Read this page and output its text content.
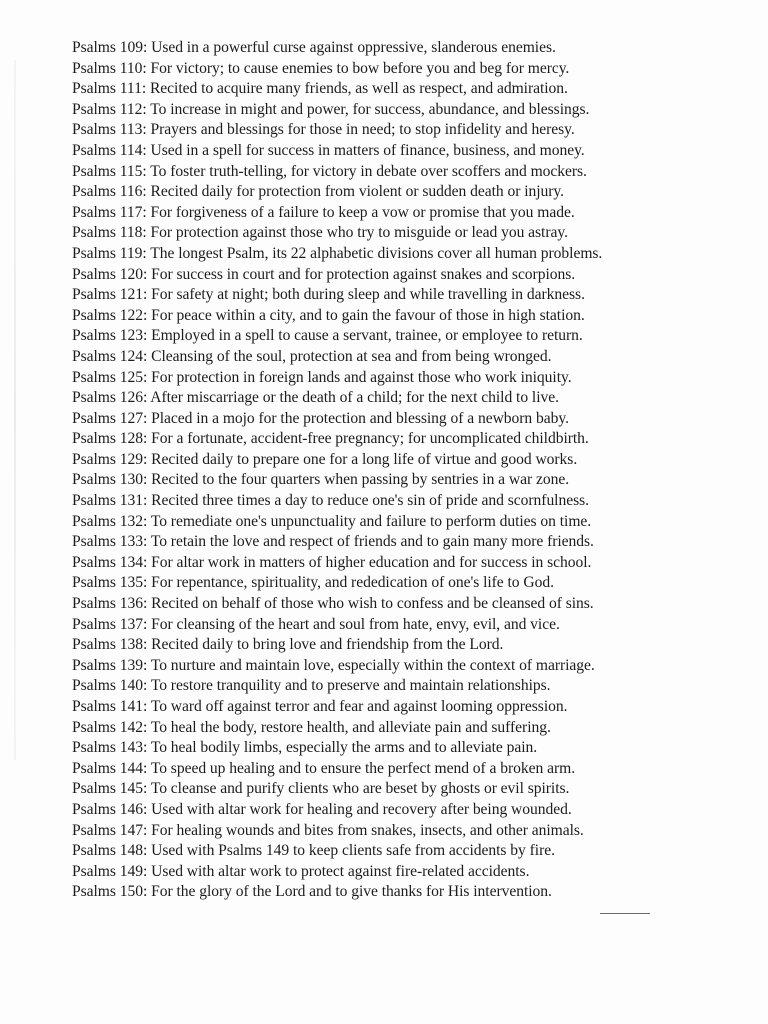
Psalms 109: Used in a powerful curse against oppressive, slanderous enemies.
Psalms 110: For victory; to cause enemies to bow before you and beg for mercy.
Psalms 111: Recited to acquire many friends, as well as respect, and admiration.
Psalms 112: To increase in might and power, for success, abundance, and blessings.
Psalms 113: Prayers and blessings for those in need; to stop infidelity and heresy.
Psalms 114: Used in a spell for success in matters of finance, business, and money.
Psalms 115: To foster truth-telling, for victory in debate over scoffers and mockers.
Psalms 116: Recited daily for protection from violent or sudden death or injury.
Psalms 117: For forgiveness of a failure to keep a vow or promise that you made.
Psalms 118: For protection against those who try to misguide or lead you astray.
Psalms 119: The longest Psalm, its 22 alphabetic divisions cover all human problems.
Psalms 120: For success in court and for protection against snakes and scorpions.
Psalms 121: For safety at night; both during sleep and while travelling in darkness.
Psalms 122: For peace within a city, and to gain the favour of those in high station.
Psalms 123: Employed in a spell to cause a servant, trainee, or employee to return.
Psalms 124: Cleansing of the soul, protection at sea and from being wronged.
Psalms 125: For protection in foreign lands and against those who work iniquity.
Psalms 126: After miscarriage or the death of a child; for the next child to live.
Psalms 127: Placed in a mojo for the protection and blessing of a newborn baby.
Psalms 128: For a fortunate, accident-free pregnancy; for uncomplicated childbirth.
Psalms 129: Recited daily to prepare one for a long life of virtue and good works.
Psalms 130: Recited to the four quarters when passing by sentries in a war zone.
Psalms 131: Recited three times a day to reduce one's sin of pride and scornfulness.
Psalms 132: To remediate one's unpunctuality and failure to perform duties on time.
Psalms 133: To retain the love and respect of friends and to gain many more friends.
Psalms 134: For altar work in matters of higher education and for success in school.
Psalms 135: For repentance, spirituality, and rededication of one's life to God.
Psalms 136: Recited on behalf of those who wish to confess and be cleansed of sins.
Psalms 137: For cleansing of the heart and soul from hate, envy, evil, and vice.
Psalms 138: Recited daily to bring love and friendship from the Lord.
Psalms 139: To nurture and maintain love, especially within the context of marriage.
Psalms 140: To restore tranquility and to preserve and maintain relationships.
Psalms 141: To ward off against terror and fear and against looming oppression.
Psalms 142: To heal the body, restore health, and alleviate pain and suffering.
Psalms 143: To heal bodily limbs, especially the arms and to alleviate pain.
Psalms 144: To speed up healing and to ensure the perfect mend of a broken arm.
Psalms 145: To cleanse and purify clients who are beset by ghosts or evil spirits.
Psalms 146: Used with altar work for healing and recovery after being wounded.
Psalms 147: For healing wounds and bites from snakes, insects, and other animals.
Psalms 148: Used with Psalms 149 to keep clients safe from accidents by fire.
Psalms 149: Used with altar work to protect against fire-related accidents.
Psalms 150: For the glory of the Lord and to give thanks for His intervention.
